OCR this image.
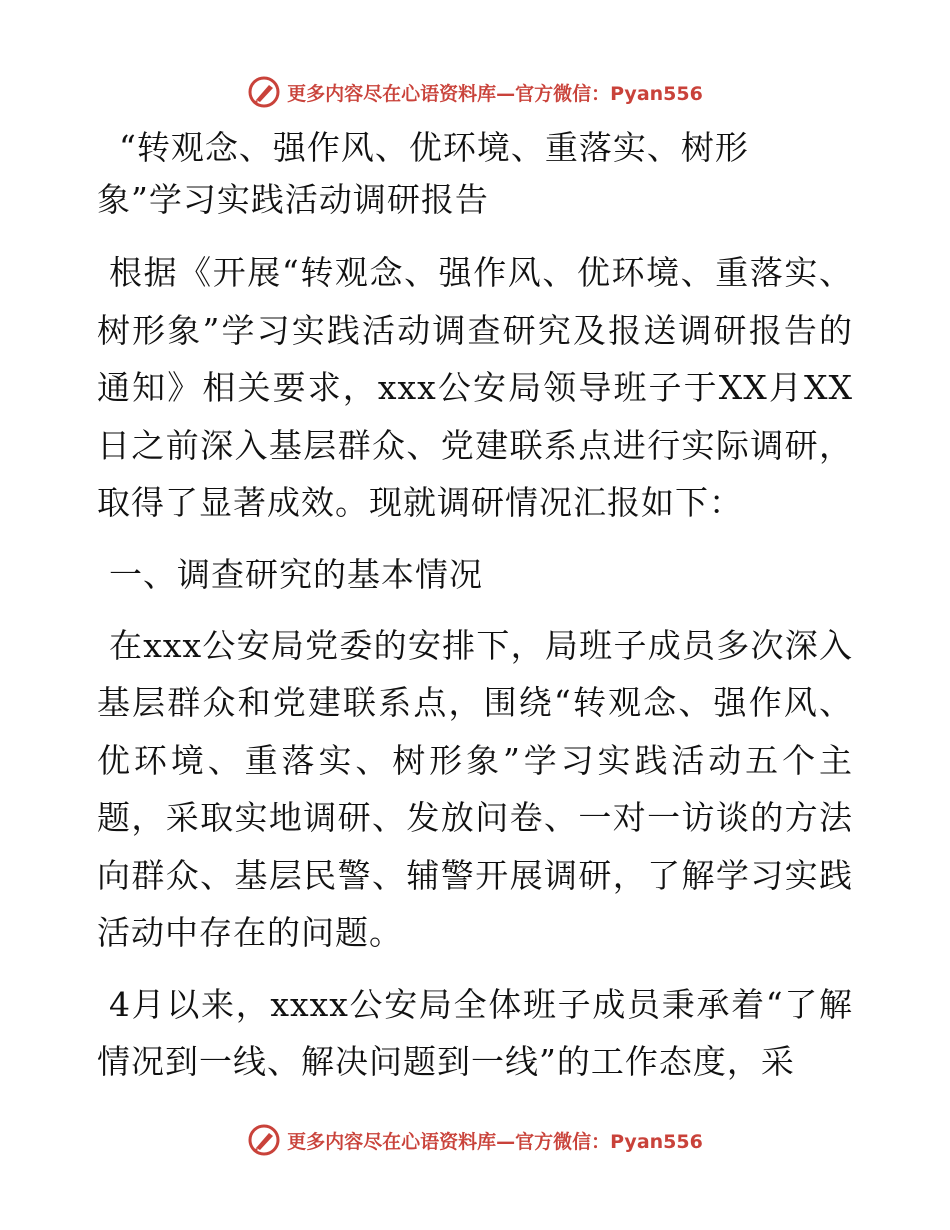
更多内容尽在心语资料库—官方微信：Pyan556
“转观念、强作风、优环境、重落实、树形
象”学习实践活动调研报告

根据《开展“转观念、强作风、优环境、重落实、树形象”学习实践活动调查研究及报送调研报告的通知》相关要求，xxx公安局领导班子于XX月XX日之前深入基层群众、党建联系点进行实际调研，取得了显著成效。现就调研情况汇报如下：

一、调查研究的基本情况

在xxx公安局党委的安排下，局班子成员多次深入基层群众和党建联系点，围绕“转观念、强作风、优环境、重落实、树形象”学习实践活动五个主题，采取实地调研、发放问卷、一对一访谈的方法向群众、基层民警、辅警开展调研，了解学习实践活动中存在的问题。

4月以来，xxxx公安局全体班子成员秉承着“了解情况到一线、解决问题到一线”的工作态度，采

更多内容尽在心语资料库—官方微信：Pyan556
